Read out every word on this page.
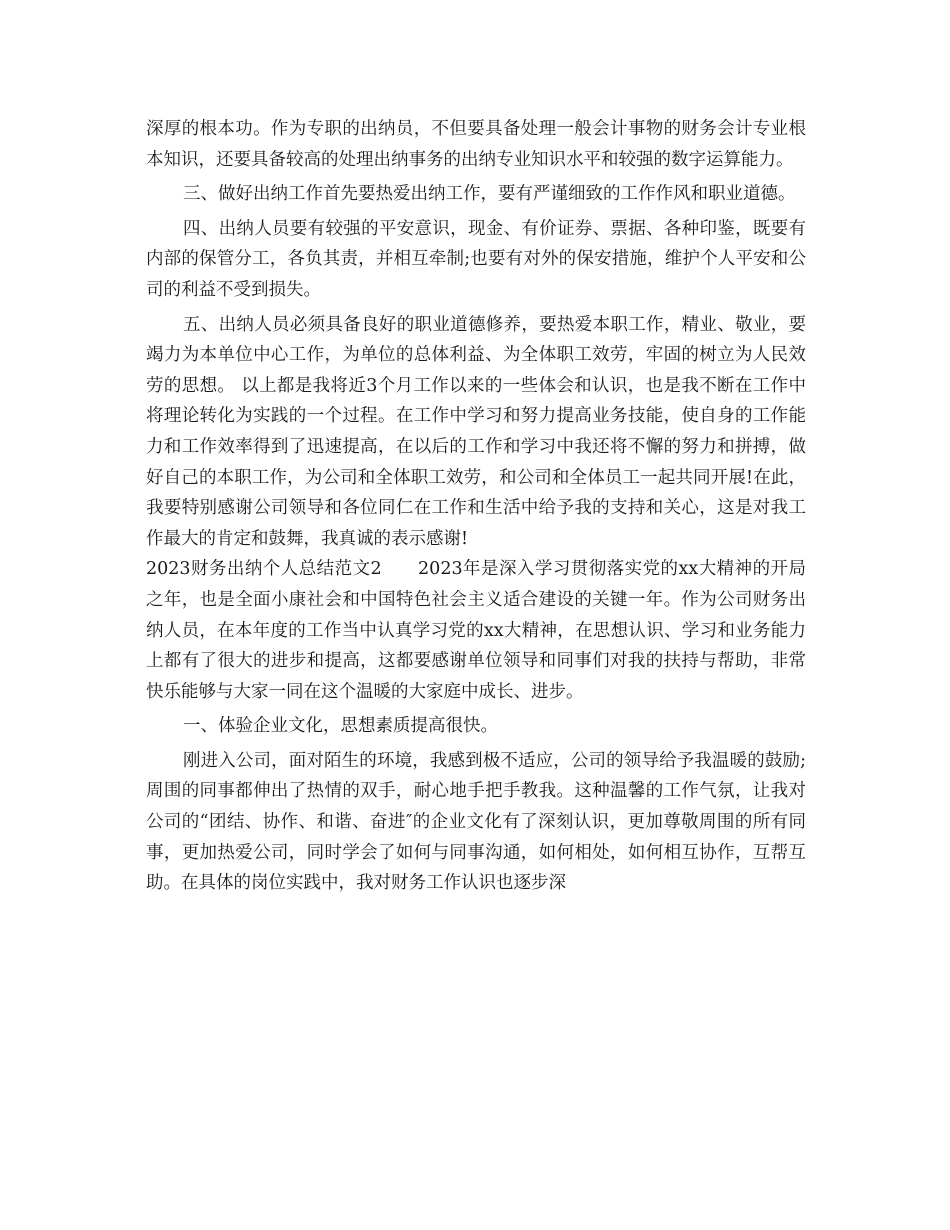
深厚的根本功。作为专职的出纳员，不但要具备处理一般会计事物的财务会计专业根本知识，还要具备较高的处理出纳事务的出纳专业知识水平和较强的数字运算能力。

三、做好出纳工作首先要热爱出纳工作，要有严谨细致的工作作风和职业道德。

四、出纳人员要有较强的平安意识，现金、有价证券、票据、各种印鉴，既要有内部的保管分工，各负其责，并相互牵制;也要有对外的保安措施，维护个人平安和公司的利益不受到损失。

五、出纳人员必须具备良好的职业道德修养，要热爱本职工作，精业、敬业，要竭力为本单位中心工作，为单位的总体利益、为全体职工效劳，牢固的树立为人民效劳的思想。 以上都是我将近3个月工作以来的一些体会和认识，也是我不断在工作中将理论转化为实践的一个过程。在工作中学习和努力提高业务技能，使自身的工作能力和工作效率得到了迅速提高，在以后的工作和学习中我还将不懈的努力和拼搏，做好自己的本职工作，为公司和全体职工效劳，和公司和全体员工一起共同开展!在此，我要特别感谢公司领导和各位同仁在工作和生活中给予我的支持和关心，这是对我工作最大的肯定和鼓舞，我真诚的表示感谢!

2023财务出纳个人总结范文2　　2023年是深入学习贯彻落实党的xx大精神的开局之年，也是全面小康社会和中国特色社会主义适合建设的关键一年。作为公司财务出纳人员，在本年度的工作当中认真学习党的xx大精神，在思想认识、学习和业务能力上都有了很大的进步和提高，这都要感谢单位领导和同事们对我的扶持与帮助，非常快乐能够与大家一同在这个温暖的大家庭中成长、进步。

一、体验企业文化，思想素质提高很快。

刚进入公司，面对陌生的环境，我感到极不适应，公司的领导给予我温暖的鼓励;周围的同事都伸出了热情的双手，耐心地手把手教我。这种温馨的工作气氛，让我对公司的“团结、协作、和谐、奋进″的企业文化有了深刻认识，更加尊敬周围的所有同事，更加热爱公司，同时学会了如何与同事沟通，如何相处，如何相互协作，互帮互助。在具体的岗位实践中，我对财务工作认识也逐步深
